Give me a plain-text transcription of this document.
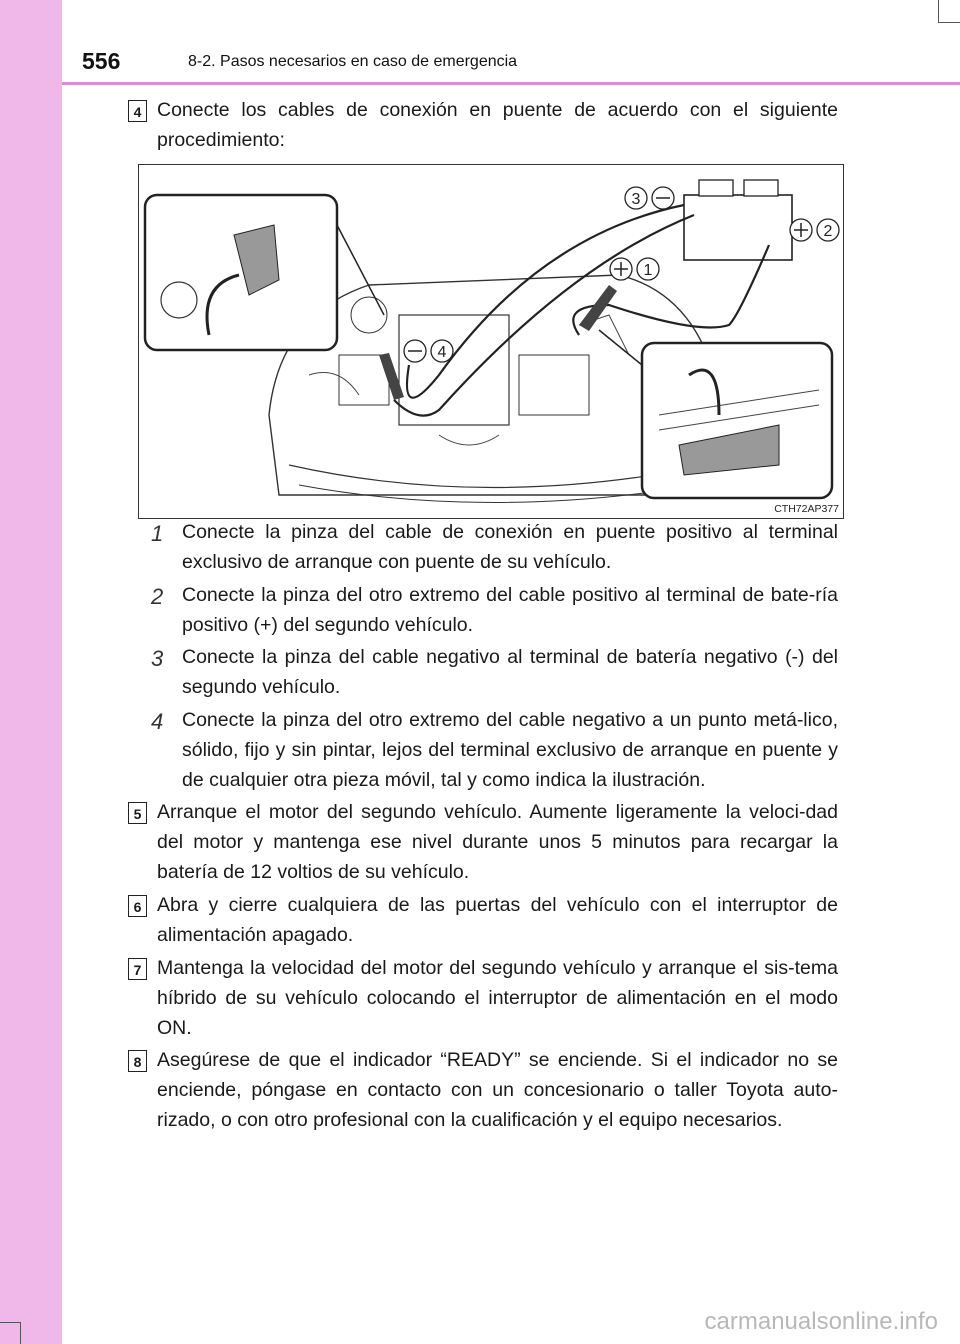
556	8-2. Pasos necesarios en caso de emergencia
4 Conecte los cables de conexión en puente de acuerdo con el siguiente procedimiento:

3
2
1
4
CTH72AP377
1 Conecte la pinza del cable de conexión en puente positivo al terminal exclusivo de arranque con puente de su vehículo.

2 Conecte la pinza del otro extremo del cable positivo al terminal de bate-ría positivo (+) del segundo vehículo.

3 Conecte la pinza del cable negativo al terminal de batería negativo (-) del segundo vehículo.

4 Conecte la pinza del otro extremo del cable negativo a un punto metá-lico, sólido, fijo y sin pintar, lejos del terminal exclusivo de arranque en puente y de cualquier otra pieza móvil, tal y como indica la ilustración.

5 Arranque el motor del segundo vehículo. Aumente ligeramente la veloci-dad del motor y mantenga ese nivel durante unos 5 minutos para recargar la batería de 12 voltios de su vehículo.

6 Abra y cierre cualquiera de las puertas del vehículo con el interruptor de alimentación apagado.

7 Mantenga la velocidad del motor del segundo vehículo y arranque el sis-tema híbrido de su vehículo colocando el interruptor de alimentación en el modo ON.

8 Asegúrese de que el indicador “READY” se enciende. Si el indicador no se enciende, póngase en contacto con un concesionario o taller Toyota auto-rizado, o con otro profesional con la cualificación y el equipo necesarios.

carmanualsonline.info
